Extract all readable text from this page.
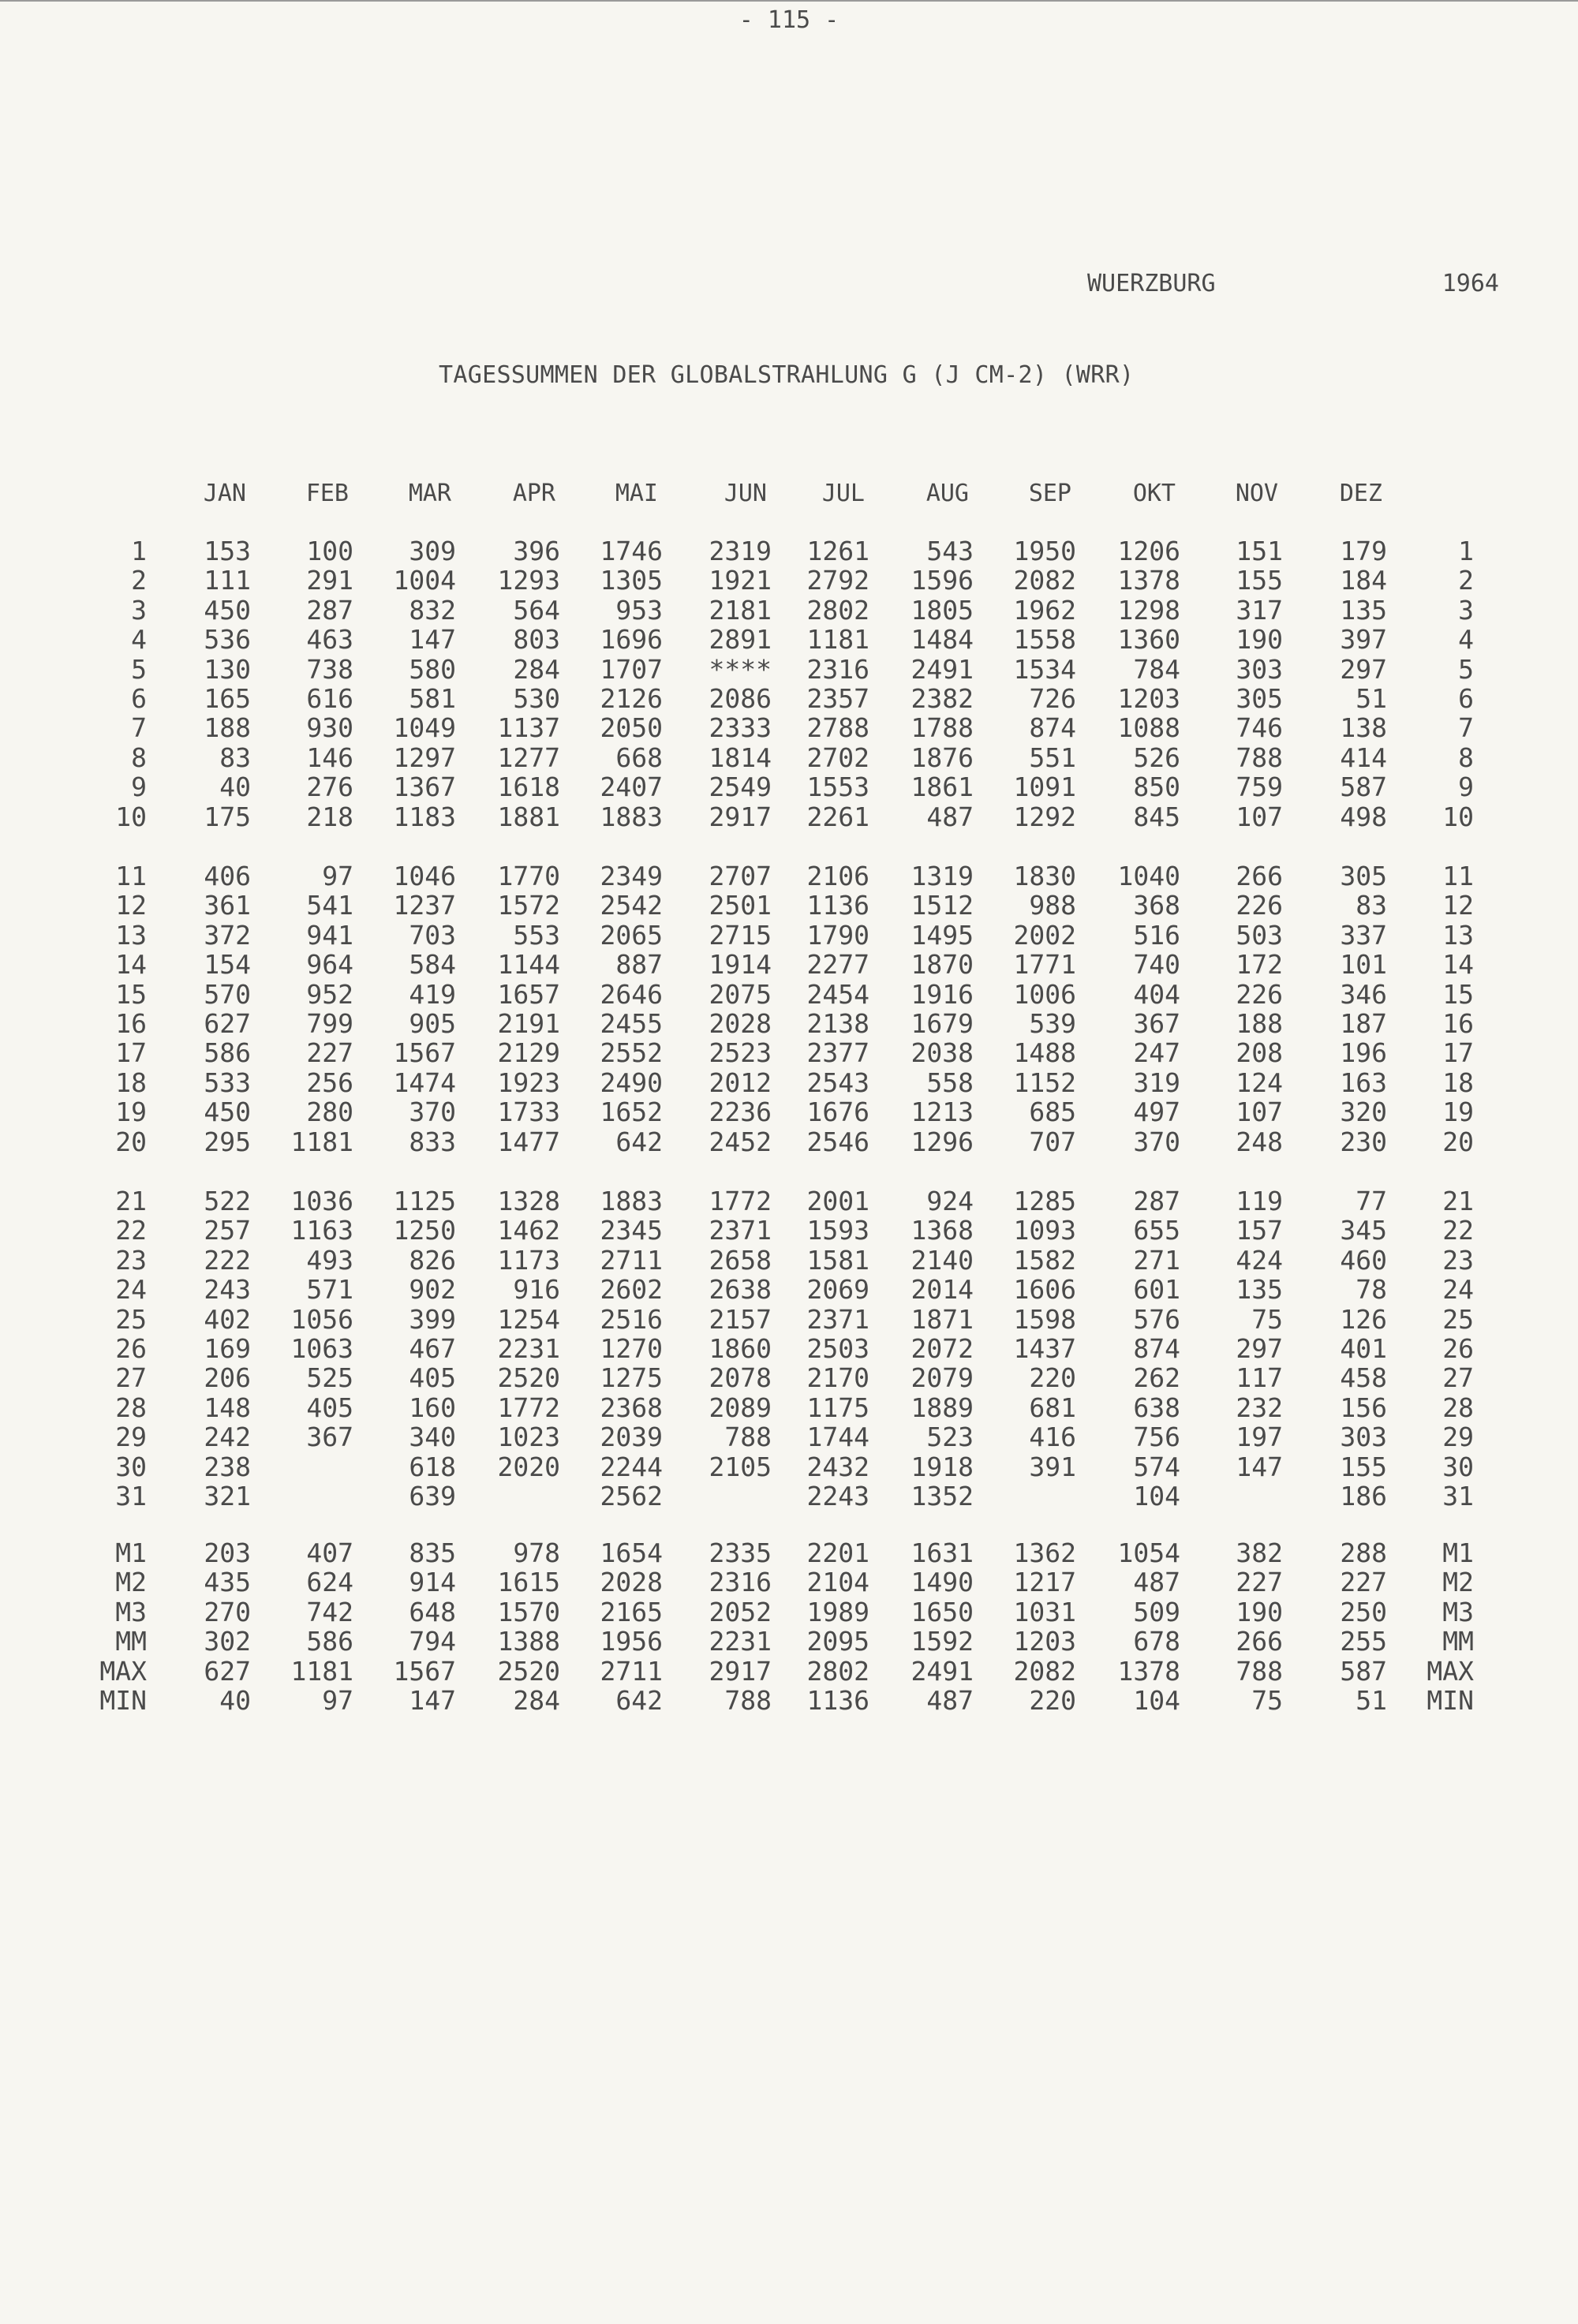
- 115 -
WUERZBURG	1964
TAGESSUMMEN DER GLOBALSTRAHLUNG G (J CM-2) (WRR)
JAN	FEB	MAR	APR	MAI	JUN JUL	AUG	SEP	OKT	NOV	DEZ
1 153 100 309 396 1746 2319 1261 543 1950 1206 151 179	1
2 111 291 1004 1293 1305 1921 2792 1596 2082 1378 155 184	2
3 450 287 832 564 953 2181 2802 1805 1962 1298 317 135	3
4 536 463 147 803 1696 2891 1181 1484 1558 1360 190 397	4
5 130 738 580 284 1707 **** 2316 2491 1534 784 303 297	5
6 165 616 581 530 2126 2086 2357 2382 726 1203 305	51	6
7 188 930 1049 1137 2050 2333 2788 1788 874 1088 746 138	7
8	83 146 1297 1277 668 1814 2702 1876 551 526 788 414	8
9	40 276 1367 1618 2407 2549 1553 1861 1091 850 759 587	9
10 175 218 1183 1881 1883 2917 2261 487 1292 845 107 498 10
11 406	97 1046 1770 2349 2707 2106 1319 1830 1040 266 305 11
12 361 541 1237 1572 2542 2501 1136 1512 988 368 226	83 12
13 372 941 703 553 2065 2715 1790 1495 2002 516 503 337 13
14 154 964 584 1144 887 1914 2277 1870 1771 740 172 101 14
15 570 952 419 1657 2646 2075 2454 1916 1006 404 226 346 15
16 627 799 905 2191 2455 2028 2138 1679 539 367 188 187 16
17 586 227 1567 2129 2552 2523 2377 2038 1488 247 208 196 17
18 533 256 1474 1923 2490 2012 2543 558 1152 319 124 163 18
19 450 280 370 1733 1652 2236 1676 1213 685 497 107 320 19
20 295 1181 833 1477 642 2452 2546 1296 707 370 248 230 20
21 522 1036 1125 1328 1883 1772 2001 924 1285 287 119	77 21
22 257 1163 1250 1462 2345 2371 1593 1368 1093 655 157 345 22
23 222 493 826 1173 2711 2658 1581 2140 1582 271 424 460 23
24 243 571 902 916 2602 2638 2069 2014 1606 601 135	78 24
25 402 1056 399 1254 2516 2157 2371 1871 1598 576	75 126 25
26 169 1063 467 2231 1270 1860 2503 2072 1437 874 297 401 26
27 206 525 405 2520 1275 2078 2170 2079 220 262 117 458 27
28 148 405 160 1772 2368 2089 1175 1889 681 638 232 156 28
29 242 367 340 1023 2039 788 1744 523 416 756 197 303 29
30 238	618 2020 2244 2105 2432 1918 391 574 147 155 30
31 321	639	2562	2243 1352	104	186 31
M1 203 407 835 978 1654 2335 2201 1631 1362 1054 382 288 M1
M2 435 624 914 1615 2028 2316 2104 1490 1217 487 227 227 M2
M3 270 742 648 1570 2165 2052 1989 1650 1031 509 190 250 M3
MM 302 586 794 1388 1956 2231 2095 1592 1203 678 266 255 MM
MAX 627 1181 1567 2520 2711 2917 2802 2491 2082 1378 788 587 MAX
MIN	40	97 147 284 642 788 1136 487 220 104	75	51 MIN
